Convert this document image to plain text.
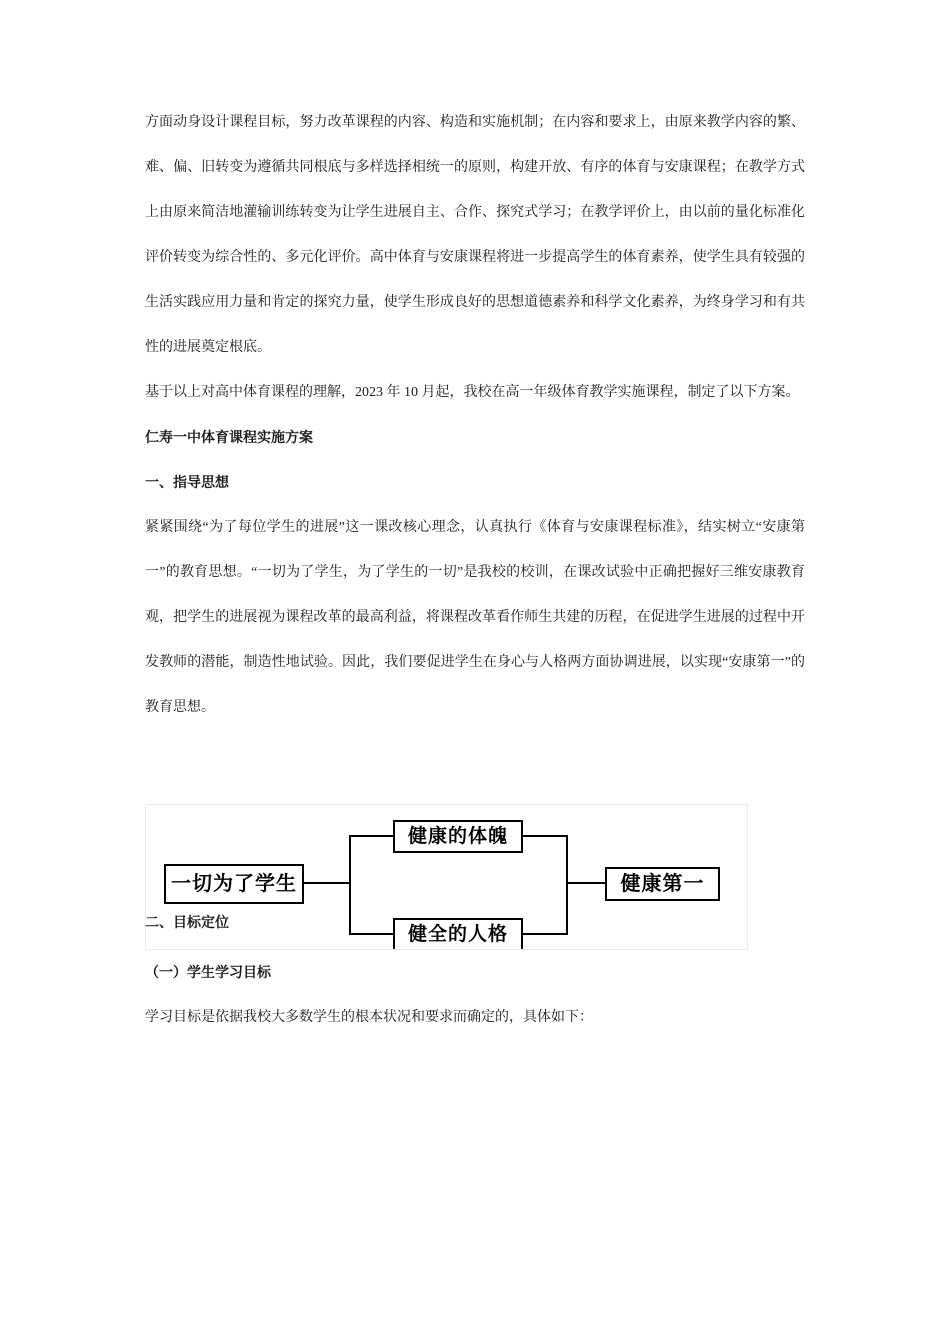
方面动身设计课程目标，努力改革课程的内容、构造和实施机制；在内容和要求上，由原来教学内容的繁、难、偏、旧转变为遵循共同根底与多样选择相统一的原则，构建开放、有序的体育与安康课程；在教学方式上由原来简洁地灌输训练转变为让学生进展自主、合作、探究式学习；在教学评价上，由以前的量化标准化评价转变为综合性的、多元化评价。高中体育与安康课程将进一步提高学生的体育素养，使学生具有较强的生活实践应用力量和肯定的探究力量，使学生形成良好的思想道德素养和科学文化素养，为终身学习和有共性的进展奠定根底。
基于以上对高中体育课程的理解，2023 年 10 月起，我校在高一年级体育教学实施课程，制定了以下方案。
仁寿一中体育课程实施方案
一、指导思想
紧紧围绕“为了每位学生的进展”这一课改核心理念，认真执行《体育与安康课程标准》，结实树立“安康第一”的教育思想。“一切为了学生，为了学生的一切”是我校的校训，在课改试验中正确把握好三维安康教育观，把学生的进展视为课程改革的最高利益，将课程改革看作师生共建的历程，在促进学生进展的过程中开发教师的潜能，制造性地试验。因此，我们要促进学生在身心与人格两方面协调进展，以实现“安康第一”的教育思想。
一切为了学生
健康的体魄
健全的人格
健康第一
二、目标定位
（一）学生学习目标
学习目标是依据我校大多数学生的根本状况和要求而确定的，具体如下：
